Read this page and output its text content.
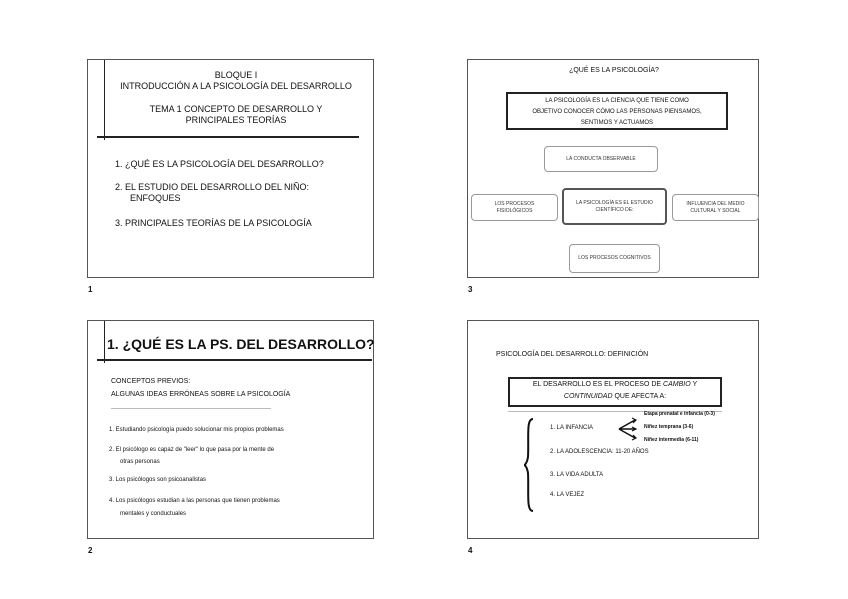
BLOQUE I
INTRODUCCIÓN A LA PSICOLOGÍA DEL DESARROLLO
TEMA 1 CONCEPTO DE DESARROLLO Y
PRINCIPALES TEORÍAS
1. ¿QUÉ ES LA PSICOLOGÍA DEL DESARROLLO?
2. EL ESTUDIO DEL DESARROLLO DEL NIÑO:
ENFOQUES
3. PRINCIPALES TEORÍAS DE LA PSICOLOGÍA
1
¿QUÉ ES LA PSICOLOGÍA?
LA PSICOLOGÍA ES LA CIENCIA QUE TIENE COMO
OBJETIVO CONOCER CÓMO LAS PERSONAS PIENSAMOS,
SENTIMOS Y ACTUAMOS
LA CONDUCTA OBSERVABLE
LA PSICOLOGÍA ES EL ESTUDIO
CIENTÍFICO DE:
LOS PROCESOS
FISIOLÓGICOS
INFLUENCIA DEL MEDIO
CULTURAL Y SOCIAL
LOS PROCESOS COGNITIVOS
3
1. ¿QUÉ ES LA PS. DEL DESARROLLO?
CONCEPTOS PREVIOS:
ALGUNAS IDEAS ERRÓNEAS SOBRE LA PSICOLOGÍA
1. Estudiando psicología puedo solucionar mis propios problemas
2. El psicólogo es capaz de "leer" lo que pasa por la mente de
otras personas
3. Los psicólogos son psicoanalistas
4. Los psicólogos estudian a las personas que tienen problemas
mentales y conductuales
2
PSICOLOGÍA DEL DESARROLLO: DEFINICIÓN
EL DESARROLLO ES EL PROCESO DE CAMBIO Y
CONTINUIDAD QUE AFECTA A:
1. LA INFANCIA
Etapa prenatal e infancia (0-3)
Niñez temprana (3-6)
Niñez intermedia (6-11)
2. LA ADOLESCENCIA: 11-20 AÑOS
3. LA VIDA ADULTA
4. LA VEJEZ
4
